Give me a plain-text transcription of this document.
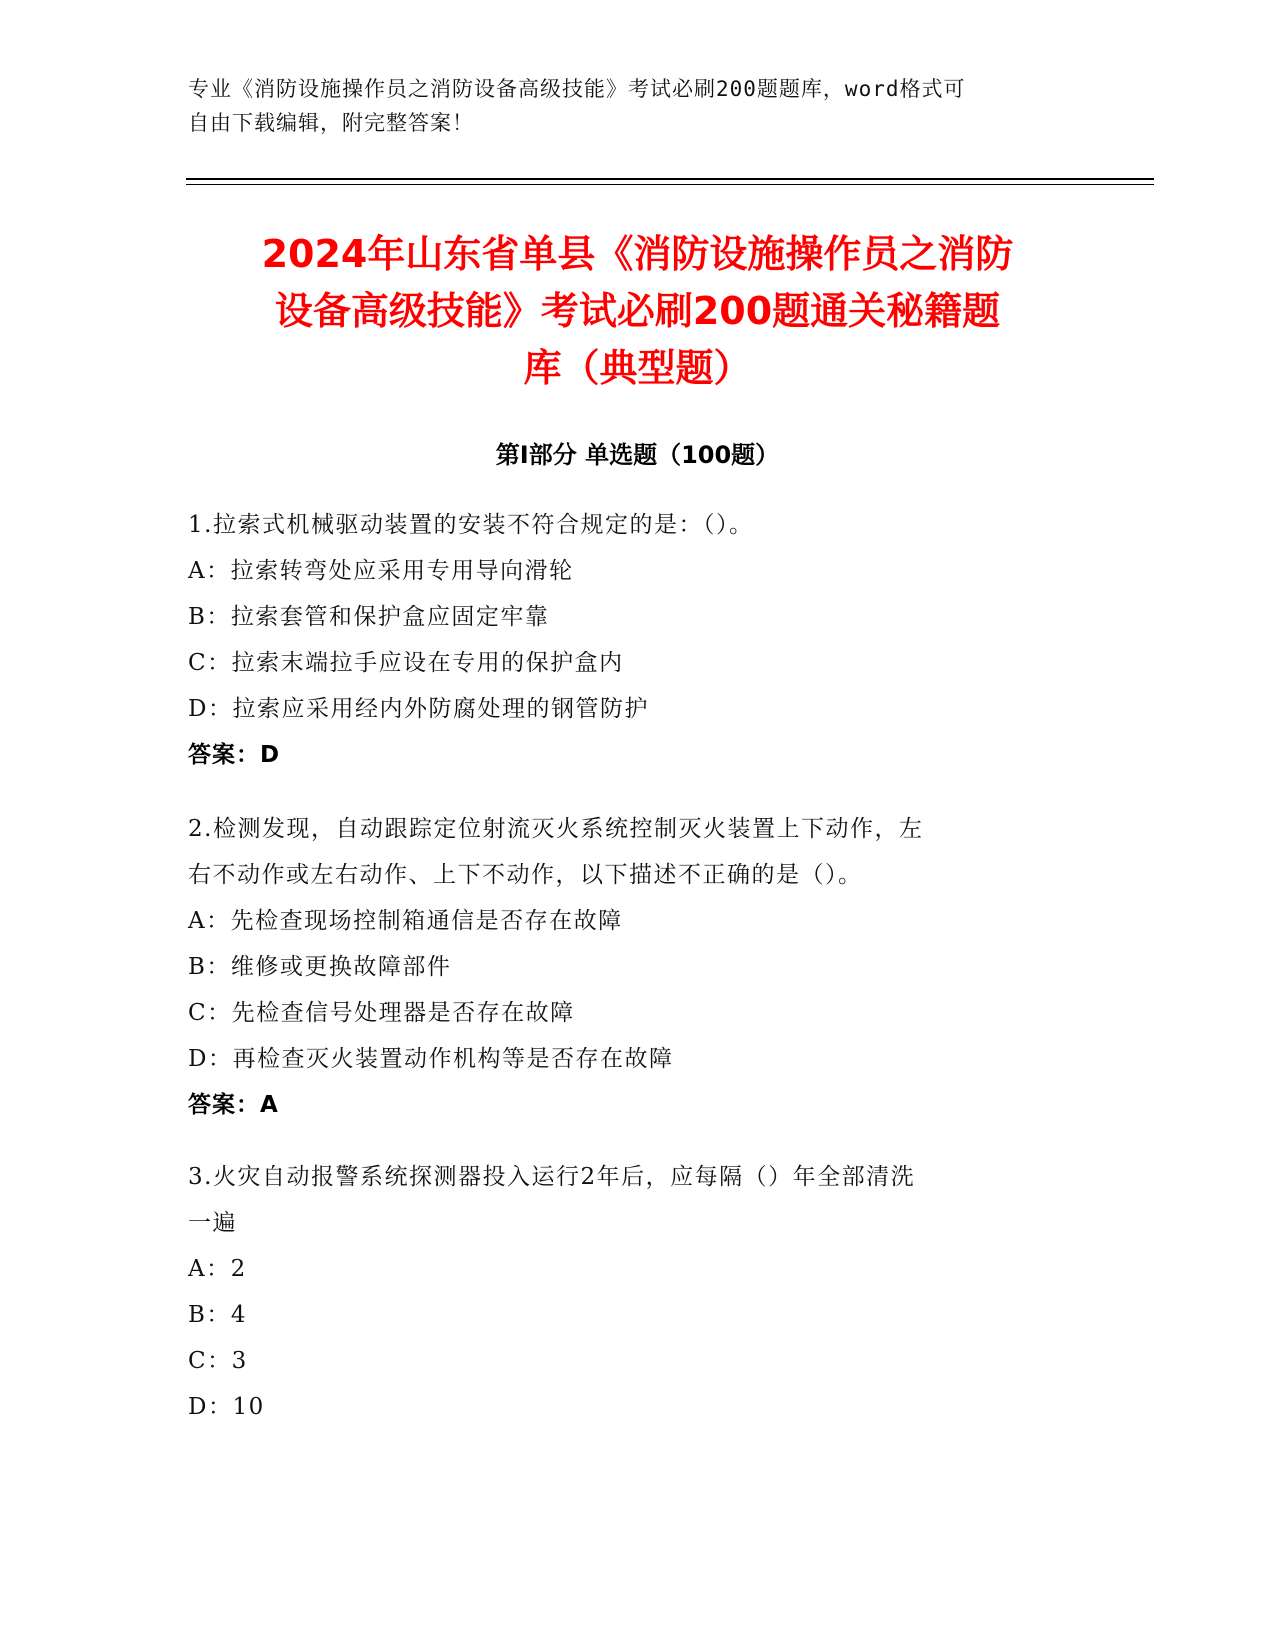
专业《消防设施操作员之消防设备高级技能》考试必刷200题题库，word格式可
自由下载编辑，附完整答案！
2024年山东省单县《消防设施操作员之消防
设备高级技能》考试必刷200题通关秘籍题
库（典型题）
第I部分 单选题（100题）
1.拉索式机械驱动装置的安装不符合规定的是：（）。
A：拉索转弯处应采用专用导向滑轮
B：拉索套管和保护盒应固定牢靠
C：拉索末端拉手应设在专用的保护盒内
D：拉索应采用经内外防腐处理的钢管防护
答案：D
2.检测发现，自动跟踪定位射流灭火系统控制灭火装置上下动作，左
右不动作或左右动作、上下不动作，以下描述不正确的是（）。
A：先检查现场控制箱通信是否存在故障
B：维修或更换故障部件
C：先检查信号处理器是否存在故障
D：再检查灭火装置动作机构等是否存在故障
答案：A
3.火灾自动报警系统探测器投入运行2年后，应每隔（）年全部清洗
一遍
A：2
B：4
C：3
D：10
